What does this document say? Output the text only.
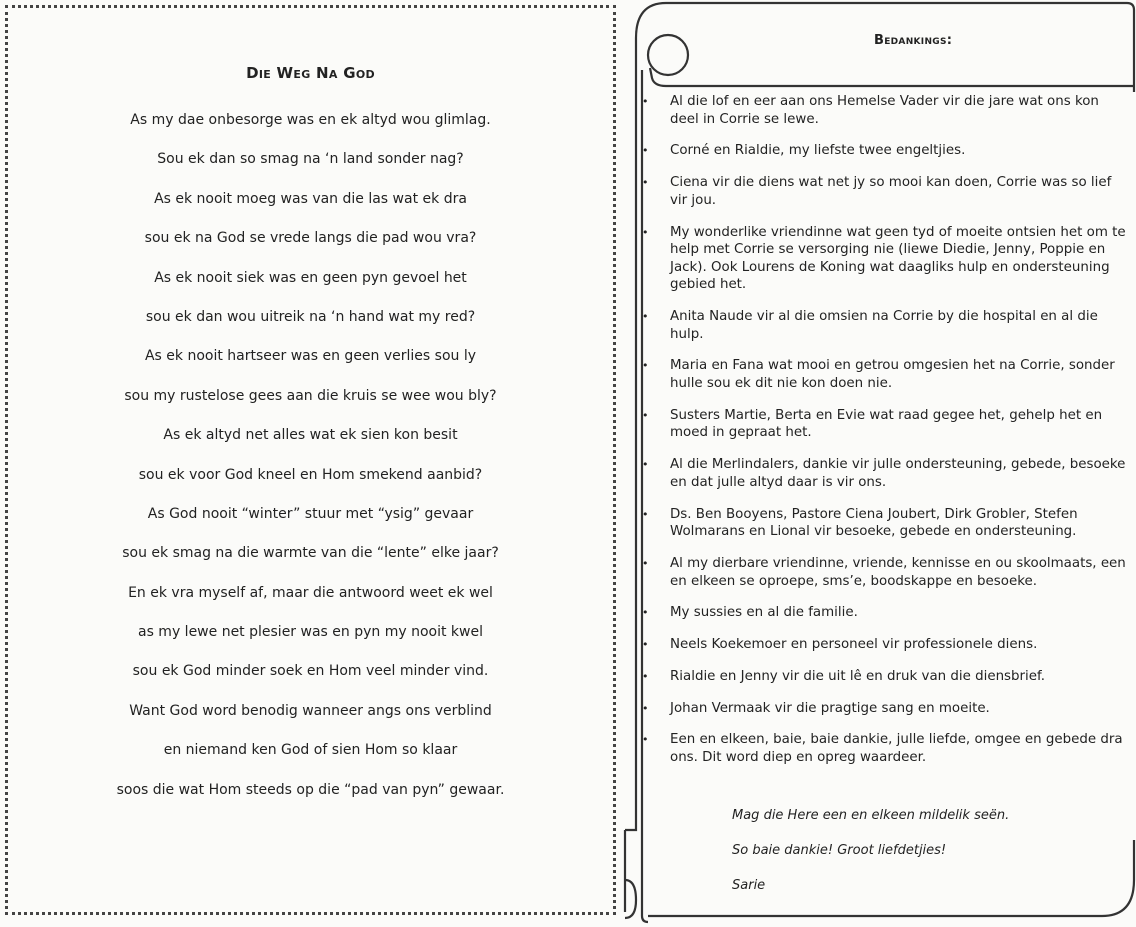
Die Weg Na God
As my dae onbesorge was en ek altyd wou glimlag.
Sou ek dan so smag na ‘n land sonder nag?
As ek nooit moeg was van die las wat ek dra
sou ek na God se vrede langs die pad wou vra?
As ek nooit siek was en geen pyn gevoel het
sou ek dan wou uitreik na ‘n hand wat my red?
As ek nooit hartseer was en geen verlies sou ly
sou my rustelose gees aan die kruis se wee wou bly?
As ek altyd net alles wat ek sien kon besit
sou ek voor God kneel en Hom smekend aanbid?
As God nooit “winter” stuur met “ysig” gevaar
sou ek smag na die warmte van die “lente” elke jaar?
En ek vra myself af, maar die antwoord weet ek wel
as my lewe net plesier was en pyn my nooit kwel
sou ek God minder soek en Hom veel minder vind.
Want God word benodig wanneer angs ons verblind
en niemand ken God of sien Hom so klaar
soos die wat Hom steeds op die “pad van pyn” gewaar.
Bedankings:
• Al die lof en eer aan ons Hemelse Vader vir die jare wat ons kon deel in Corrie se lewe.
• Corné en Rialdie, my liefste twee engeltjies.
• Ciena vir die diens wat net jy so mooi kan doen, Corrie was so lief vir jou.
• My wonderlike vriendinne wat geen tyd of moeite ontsien het om te help met Corrie se versorging nie (liewe Diedie, Jenny, Poppie en Jack). Ook Lourens de Koning wat daagliks hulp en ondersteuning gebied het.
• Anita Naude vir al die omsien na Corrie by die hospital en al die hulp.
• Maria en Fana wat mooi en getrou omgesien het na Corrie, sonder hulle sou ek dit nie kon doen nie.
• Susters Martie, Berta en Evie wat raad gegee het, gehelp het en moed in gepraat het.
• Al die Merlindalers, dankie vir julle ondersteuning, gebede, besoeke en dat julle altyd daar is vir ons.
• Ds. Ben Booyens, Pastore Ciena Joubert, Dirk Grobler, Stefen Wolmarans en Lional vir besoeke, gebede en ondersteuning.
• Al my dierbare vriendinne, vriende, kennisse en ou skoolmaats, een en elkeen se oproepe, sms’e, boodskappe en besoeke.
• My sussies en al die familie.
• Neels Koekemoer en personeel vir professionele diens.
• Rialdie en Jenny vir die uit lê en druk van die diensbrief.
• Johan Vermaak vir die pragtige sang en moeite.
• Een en elkeen, baie, baie dankie, julle liefde, omgee en gebede dra ons. Dit word diep en opreg waardeer.
Mag die Here een en elkeen mildelik seën.
So baie dankie! Groot liefdetjies!
Sarie
